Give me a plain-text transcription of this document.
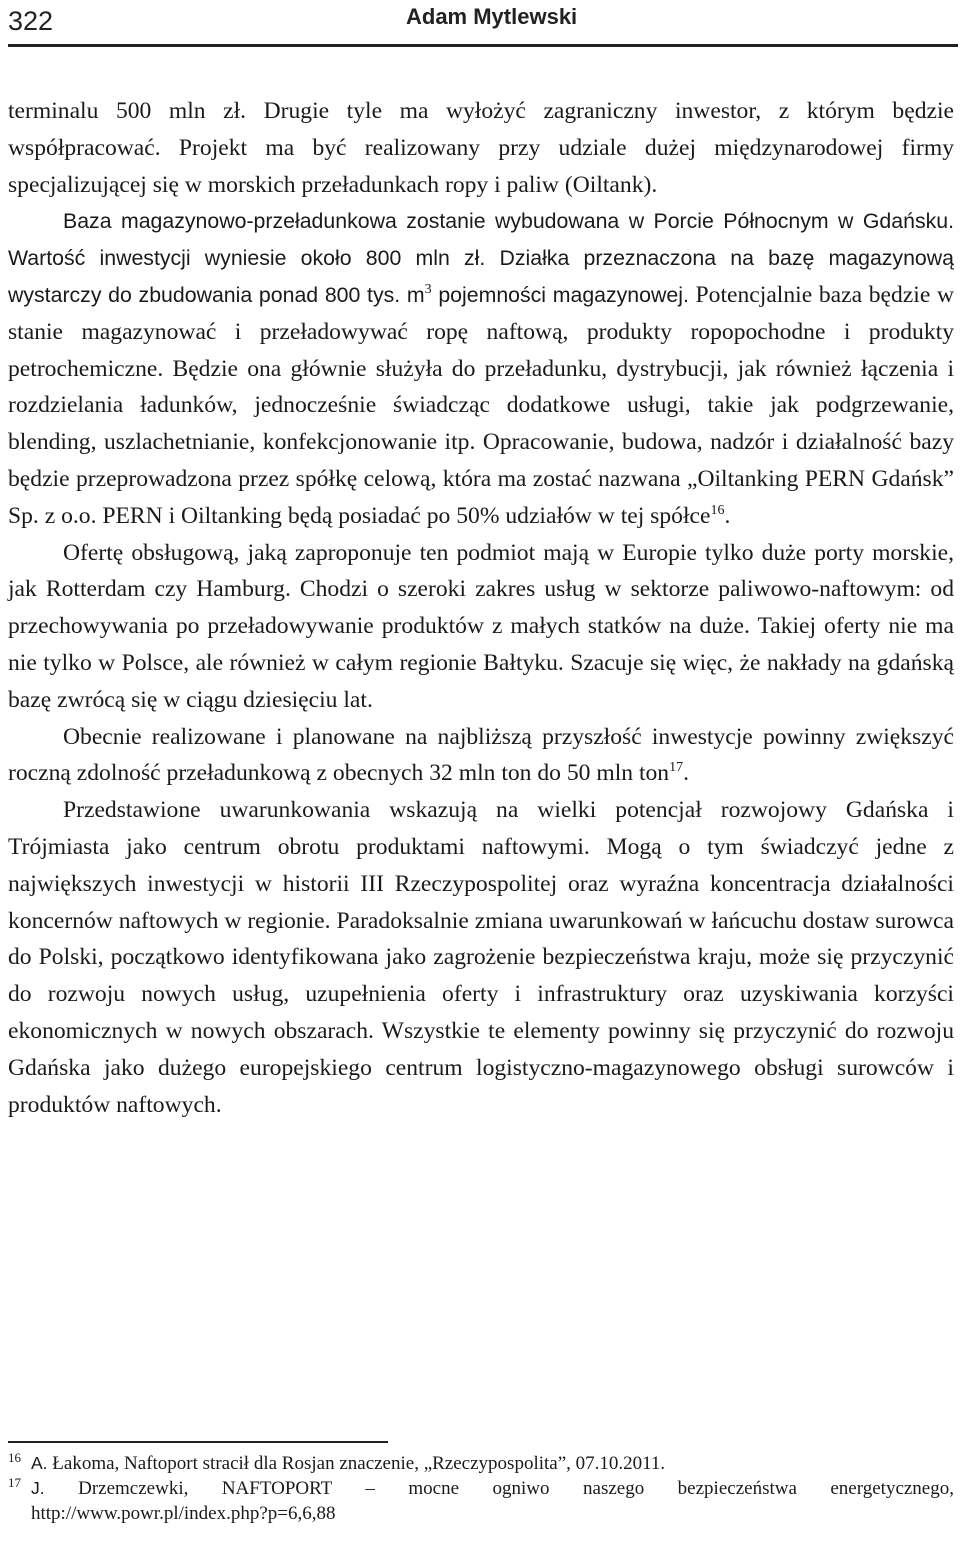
322	Adam Mytlewski

terminalu 500 mln zł. Drugie tyle ma wyłożyć zagraniczny inwestor, z którym będzie współpracować. Projekt ma być realizowany przy udziale dużej międzynarodowej firmy specjalizującej się w morskich przeładunkach ropy i paliw (Oiltank).

Baza magazynowo-przeładunkowa zostanie wybudowana w Porcie Północnym w Gdańsku. Wartość inwestycji wyniesie około 800 mln zł. Działka przeznaczona na bazę magazynową wystarczy do zbudowania ponad 800 tys. $m^3$ pojemności magazynowej. Potencjalnie baza będzie w stanie magazynować i przeładowywać ropę naftową, produkty ropopochodne i produkty petrochemiczne. Będzie ona głównie służyła do przeładunku, dystrybucji, jak również łączenia i rozdzielania ładunków, jednocześnie świadcząc dodatkowe usługi, takie jak podgrzewanie, blending, uszlachetnianie, konfekcjonowanie itp. Opracowanie, budowa, nadzór i działalność bazy będzie przeprowadzona przez spółkę celową, która ma zostać nazwana „Oiltanking PERN Gdańsk” Sp. z o.o. PERN i Oiltanking będą posiadać po 50% udziałów w tej spółce$^{16}$.

Ofertę obsługową, jaką zaproponuje ten podmiot mają w Europie tylko duże porty morskie, jak Rotterdam czy Hamburg. Chodzi o szeroki zakres usług w sektorze paliwowo-naftowym: od przechowywania po przeładowywanie produktów z małych statków na duże. Takiej oferty nie ma nie tylko w Polsce, ale również w całym regionie Bałtyku. Szacuje się więc, że nakłady na gdańską bazę zwrócą się w ciągu dziesięciu lat.

Obecnie realizowane i planowane na najbliższą przyszłość inwestycje powinny zwiększyć roczną zdolność przeładunkową z obecnych 32 mln ton do 50 mln ton$^{17}$.

Przedstawione uwarunkowania wskazują na wielki potencjał rozwojowy Gdańska i Trójmiasta jako centrum obrotu produktami naftowymi. Mogą o tym świadczyć jedne z największych inwestycji w historii III Rzeczypospolitej oraz wyraźna koncentracja działalności koncernów naftowych w regionie. Paradoksalnie zmiana uwarunkowań w łańcuchu dostaw surowca do Polski, początkowo identyfikowana jako zagrożenie bezpieczeństwa kraju, może się przyczynić do rozwoju nowych usług, uzupełnienia oferty i infrastruktury oraz uzyskiwania korzyści ekonomicznych w nowych obszarach. Wszystkie te elementy powinny się przyczynić do rozwoju Gdańska jako dużego europejskiego centrum logistyczno-magazynowego obsługi surowców i produktów naftowych.

16 A. Łakoma, Naftoport stracił dla Rosjan znaczenie, „Rzeczypospolita”, 07.10.2011.
17 J. Drzemczewki, NAFTOPORT – mocne ogniwo naszego bezpieczeństwa energetycznego, http://www.powr.pl/index.php?p=6,6,88
